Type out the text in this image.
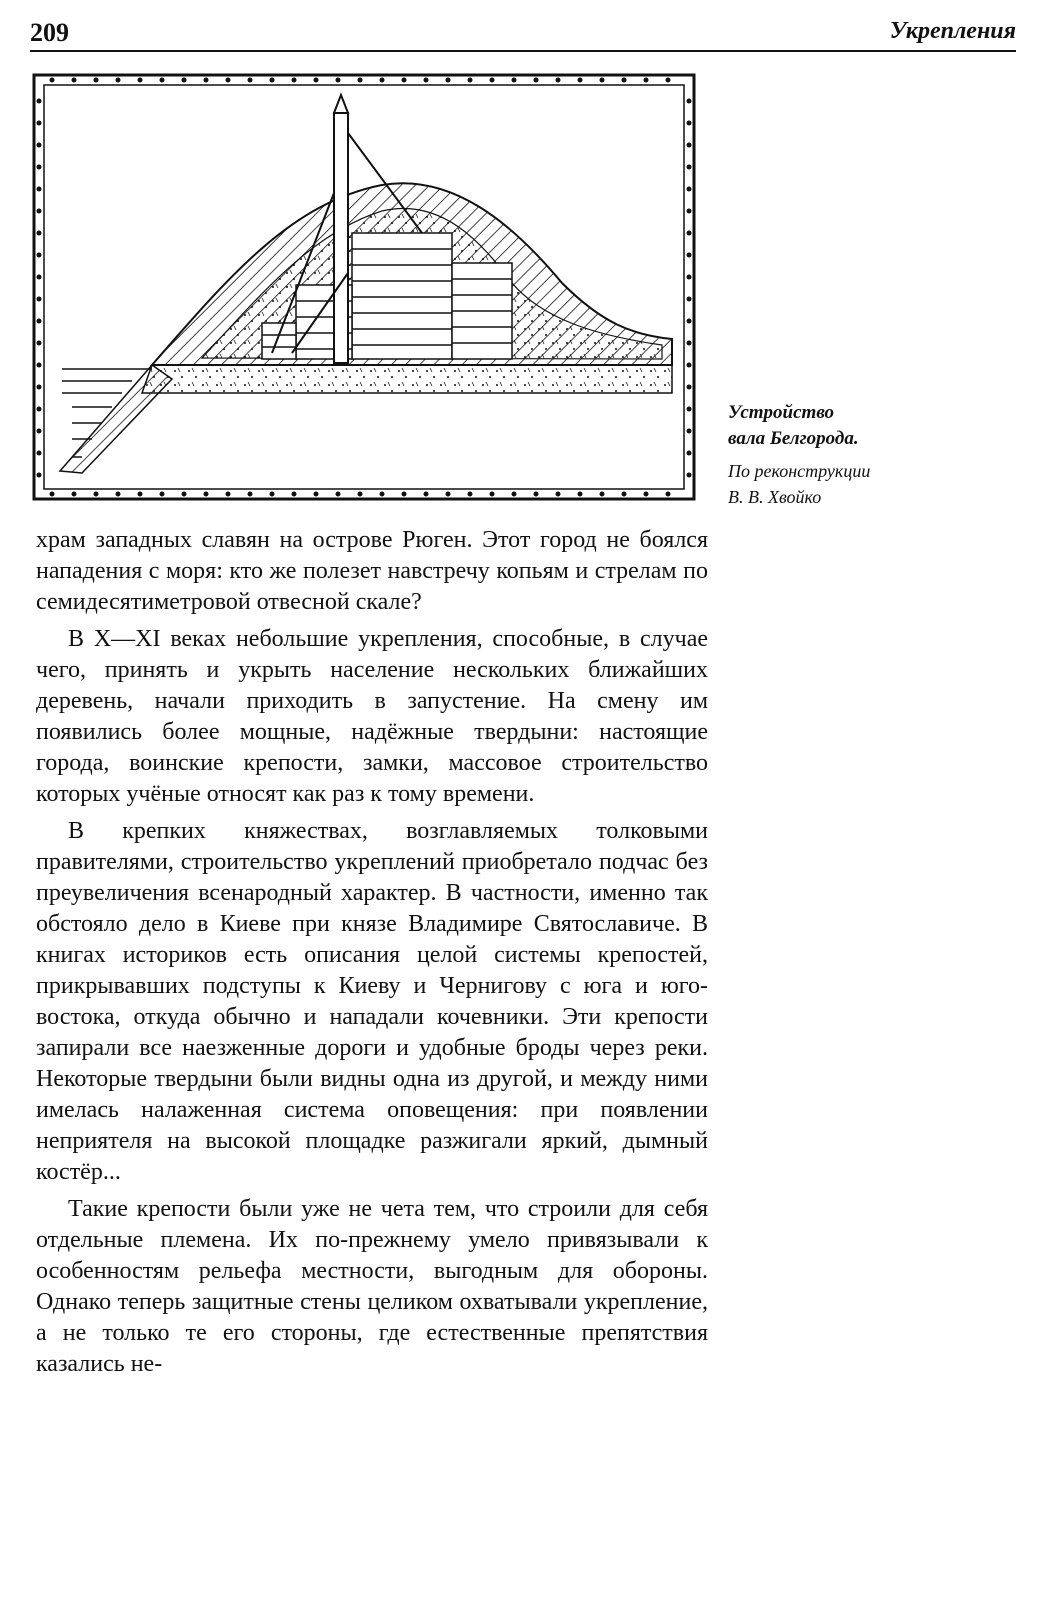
209	Укрепления
Устройство
вала Белгорода.
По реконструкции
В. В. Хвойко

храм западных славян на острове Рюген. Этот город не боялся нападения с моря: кто же полезет навстречу копьям и стрелам по семидесятиметровой отвесной скале?

В X—XI веках небольшие укрепления, способные, в случае чего, принять и укрыть население нескольких ближайших деревень, начали приходить в запустение. На смену им появились более мощные, надёжные твердыни: настоящие города, воинские крепости, замки, массовое строительство которых учёные относят как раз к тому времени.

В крепких княжествах, возглавляемых толковыми правителями, строительство укреплений приобретало подчас без преувеличения всенародный характер. В частности, именно так обстояло дело в Киеве при князе Владимире Святославиче. В книгах историков есть описания целой системы крепостей, прикрывавших подступы к Киеву и Чернигову с юга и юго-востока, откуда обычно и нападали кочевники. Эти крепости запирали все наезженные дороги и удобные броды через реки. Некоторые твердыни были видны одна из другой, и между ними имелась налаженная система оповещения: при появлении неприятеля на высокой площадке разжигали яркий, дымный костёр...

Такие крепости были уже не чета тем, что строили для себя отдельные племена. Их по-прежнему умело привязывали к особенностям рельефа местности, выгодным для обороны. Однако теперь защитные стены целиком охватывали укрепление, а не только те его стороны, где естественные препятствия казались не-
